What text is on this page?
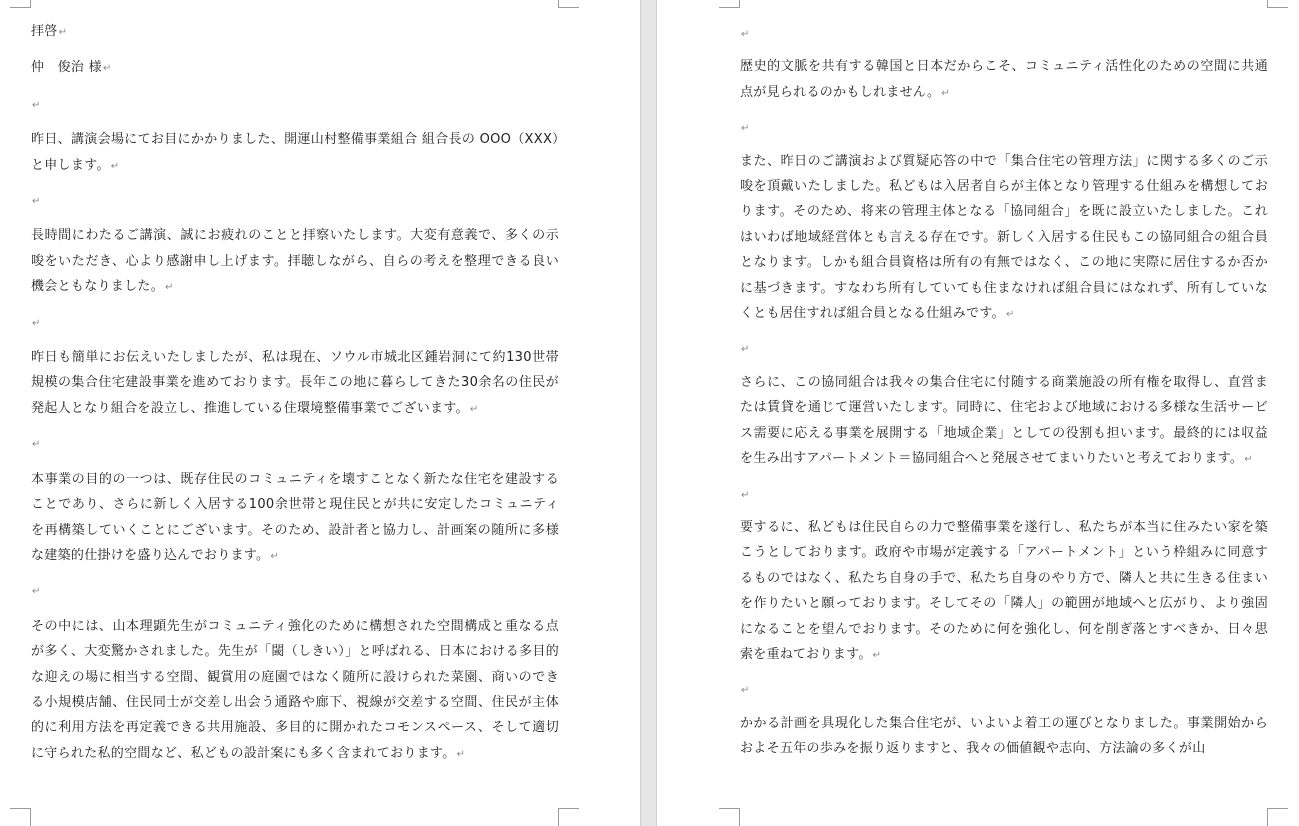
拝啓↵

仲　俊治 様↵

↵

昨日、講演会場にてお目にかかりました、開運山村整備事業組合 組合長の OOO（XXX）と申します。↵

↵

長時間にわたるご講演、誠にお疲れのことと拝察いたします。大変有意義で、多くの示唆をいただき、心より感謝申し上げます。拝聴しながら、自らの考えを整理できる良い機会ともなりました。↵

↵

昨日も簡単にお伝えいたしましたが、私は現在、ソウル市城北区鍾岩洞にて約130世帯規模の集合住宅建設事業を進めております。長年この地に暮らしてきた30余名の住民が発起人となり組合を設立し、推進している住環境整備事業でございます。↵

↵

本事業の目的の一つは、既存住民のコミュニティを壊すことなく新たな住宅を建設することであり、さらに新しく入居する100余世帯と現住民とが共に安定したコミュニティを再構築していくことにございます。そのため、設計者と協力し、計画案の随所に多様な建築的仕掛けを盛り込んでおります。↵

↵

その中には、山本理顕先生がコミュニティ強化のために構想された空間構成と重なる点が多く、大変驚かされました。先生が「閾（しきい）」と呼ばれる、日本における多目的な迎えの場に相当する空間、観賞用の庭園ではなく随所に設けられた菜園、商いのできる小規模店舗、住民同士が交差し出会う通路や廊下、視線が交差する空間、住民が主体的に利用方法を再定義できる共用施設、多目的に開かれたコモンスペース、そして適切に守られた私的空間など、私どもの設計案にも多く含まれております。↵

↵

歴史的文脈を共有する韓国と日本だからこそ、コミュニティ活性化のための空間に共通点が見られるのかもしれません。↵

↵

また、昨日のご講演および質疑応答の中で「集合住宅の管理方法」に関する多くのご示唆を頂戴いたしました。私どもは入居者自らが主体となり管理する仕組みを構想しております。そのため、将来の管理主体となる「協同組合」を既に設立いたしました。これはいわば地域経営体とも言える存在です。新しく入居する住民もこの協同組合の組合員となります。しかも組合員資格は所有の有無ではなく、この地に実際に居住するか否かに基づきます。すなわち所有していても住まなければ組合員にはなれず、所有していなくとも居住すれば組合員となる仕組みです。↵

↵

さらに、この協同組合は我々の集合住宅に付随する商業施設の所有権を取得し、直営または賃貸を通じて運営いたします。同時に、住宅および地域における多様な生活サービス需要に応える事業を展開する「地域企業」としての役割も担います。最終的には収益を生み出すアパートメント＝協同組合へと発展させてまいりたいと考えております。↵

↵

要するに、私どもは住民自らの力で整備事業を遂行し、私たちが本当に住みたい家を築こうとしております。政府や市場が定義する「アパートメント」という枠組みに同意するものではなく、私たち自身の手で、私たち自身のやり方で、隣人と共に生きる住まいを作りたいと願っております。そしてその「隣人」の範囲が地域へと広がり、より強固になることを望んでおります。そのために何を強化し、何を削ぎ落とすべきか、日々思索を重ねております。↵

↵

かかる計画を具現化した集合住宅が、いよいよ着工の運びとなりました。事業開始からおよそ五年の歩みを振り返りますと、我々の価値観や志向、方法論の多くが山
